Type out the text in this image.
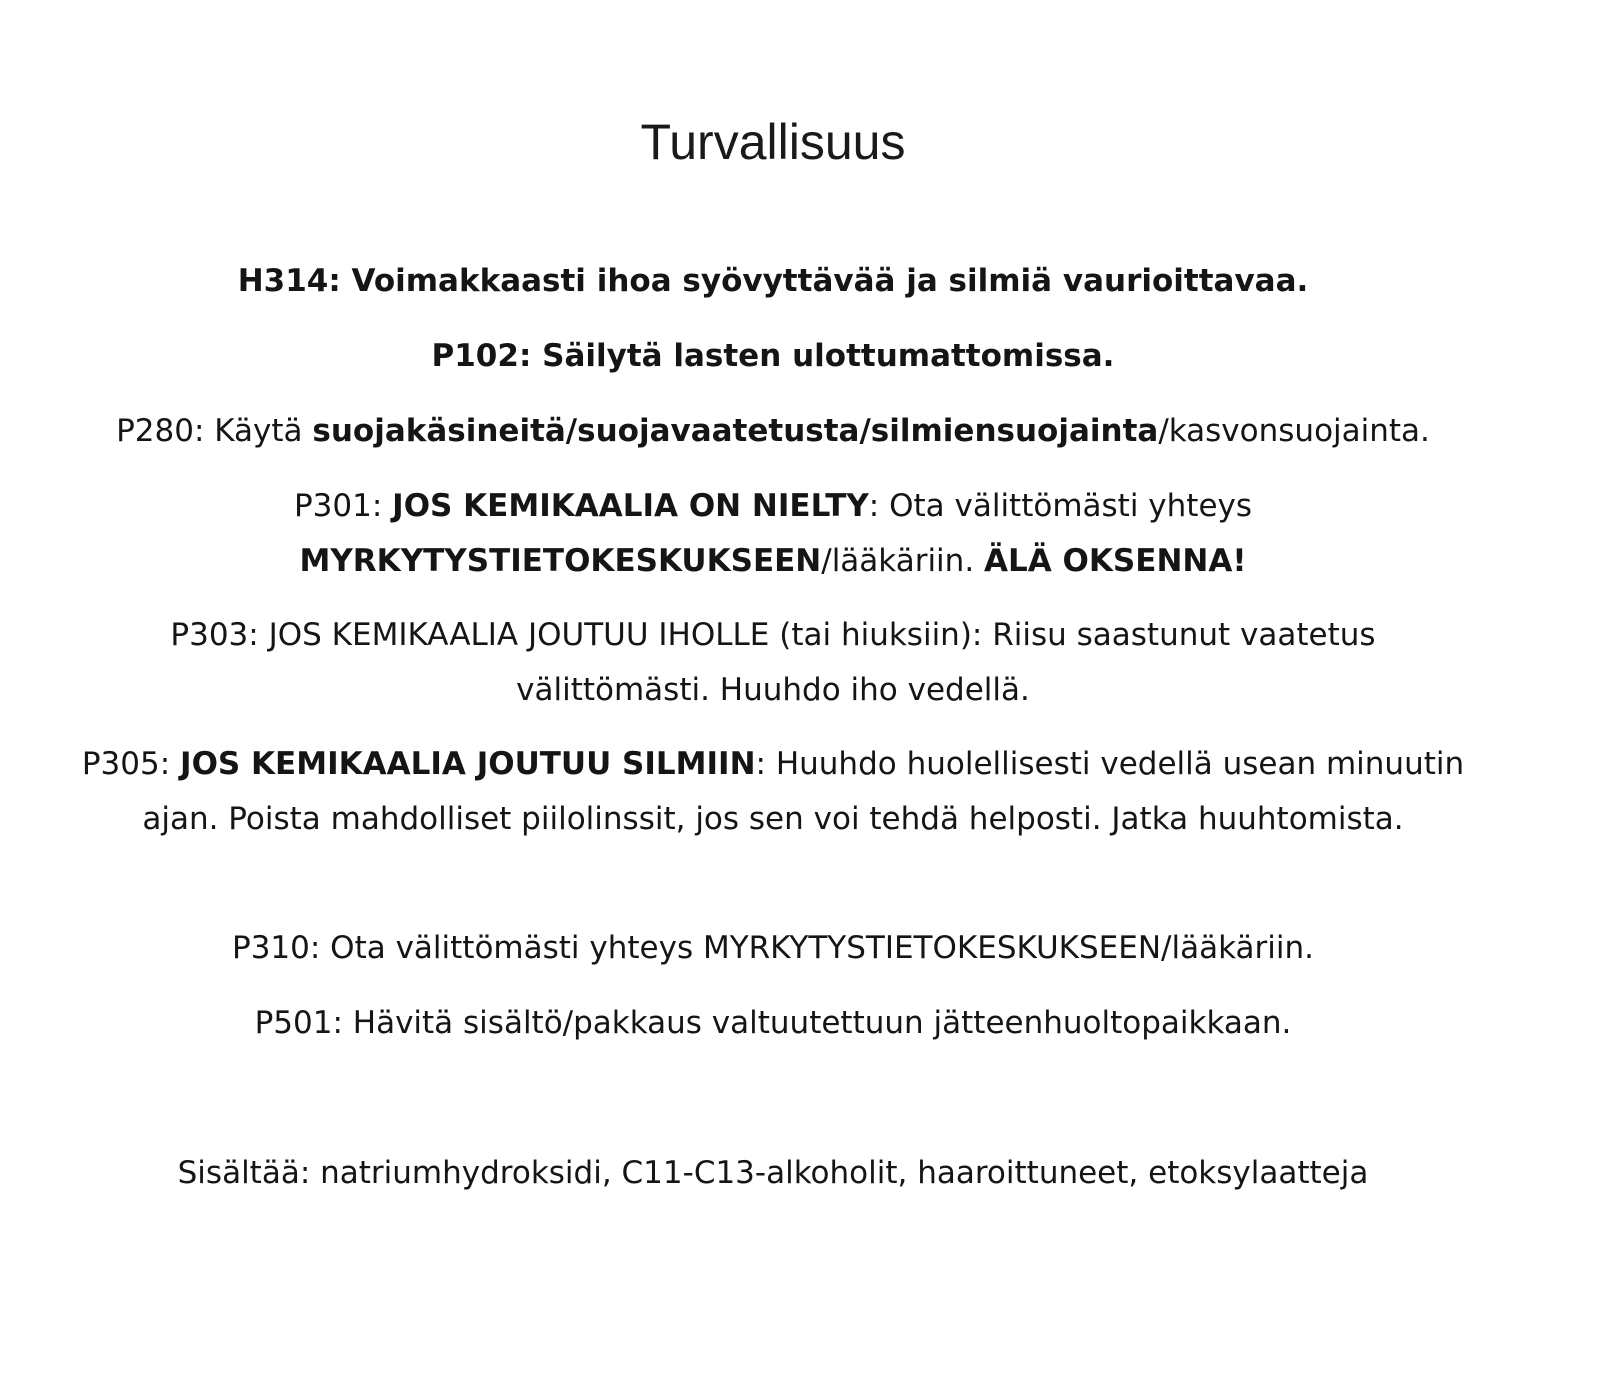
Turvallisuus

H314: Voimakkaasti ihoa syövyttävää ja silmiä vaurioittavaa.

P102: Säilytä lasten ulottumattomissa.

P280: Käytä suojakäsineitä/suojavaatetusta/silmiensuojainta/kasvonsuojainta.

P301: JOS KEMIKAALIA ON NIELTY: Ota välittömästi yhteys
MYRKYTYSTIETOKESKUKSEEN/lääkäriin. ÄLÄ OKSENNA!

P303: JOS KEMIKAALIA JOUTUU IHOLLE (tai hiuksiin): Riisu saastunut vaatetus välittömästi. Huuhdo iho vedellä.

P305: JOS KEMIKAALIA JOUTUU SILMIIN: Huuhdo huolellisesti vedellä usean minuutin ajan. Poista mahdolliset piilolinssit, jos sen voi tehdä helposti. Jatka huuhtomista.

P310: Ota välittömästi yhteys MYRKYTYSTIETOKESKUKSEEN/lääkäriin.

P501: Hävitä sisältö/pakkaus valtuutettuun jätteenhuoltopaikkaan.

Sisältää: natriumhydroksidi, C11-C13-alkoholit, haaroittuneet, etoksylaatteja
